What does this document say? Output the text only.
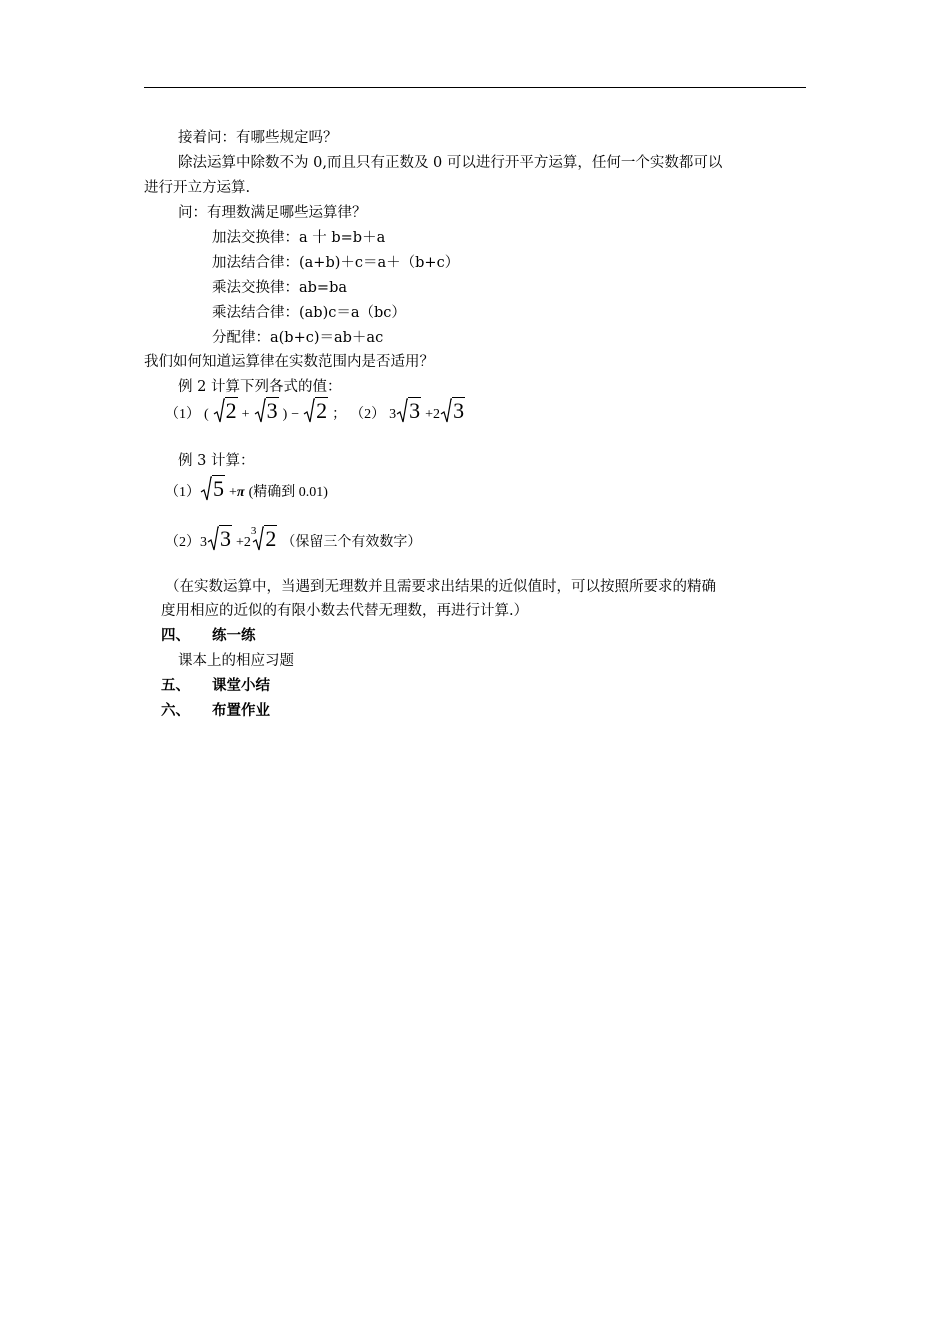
接着问：有哪些规定吗？
除法运算中除数不为 0,而且只有正数及 0 可以进行开平方运算，任何一个实数都可以
进行开立方运算.
问：有理数满足哪些运算律？
加法交换律：a 十 b=b＋a
加法结合律：(a+b)＋c＝a＋（b+c）
乘法交换律：ab=ba
乘法结合律：(ab)c＝a（bc）
分配律：a(b+c)＝ab＋ac
我们如何知道运算律在实数范围内是否适用？
例 2 计算下列各式的值：
（1） ( 2 + 3 ) − 2 ； （2） 3 3 +2 3
例 3 计算：
（1） 5 +π (精确到 0.01)
（2）3 $3 +2^3$ 2 （保留三个有效数字）
（在实数运算中，当遇到无理数并且需要求出结果的近似值时，可以按照所要求的精确
度用相应的近似的有限小数去代替无理数，再进行计算.）
四、 练一练
课本上的相应习题
五、 课堂小结
六、 布置作业
